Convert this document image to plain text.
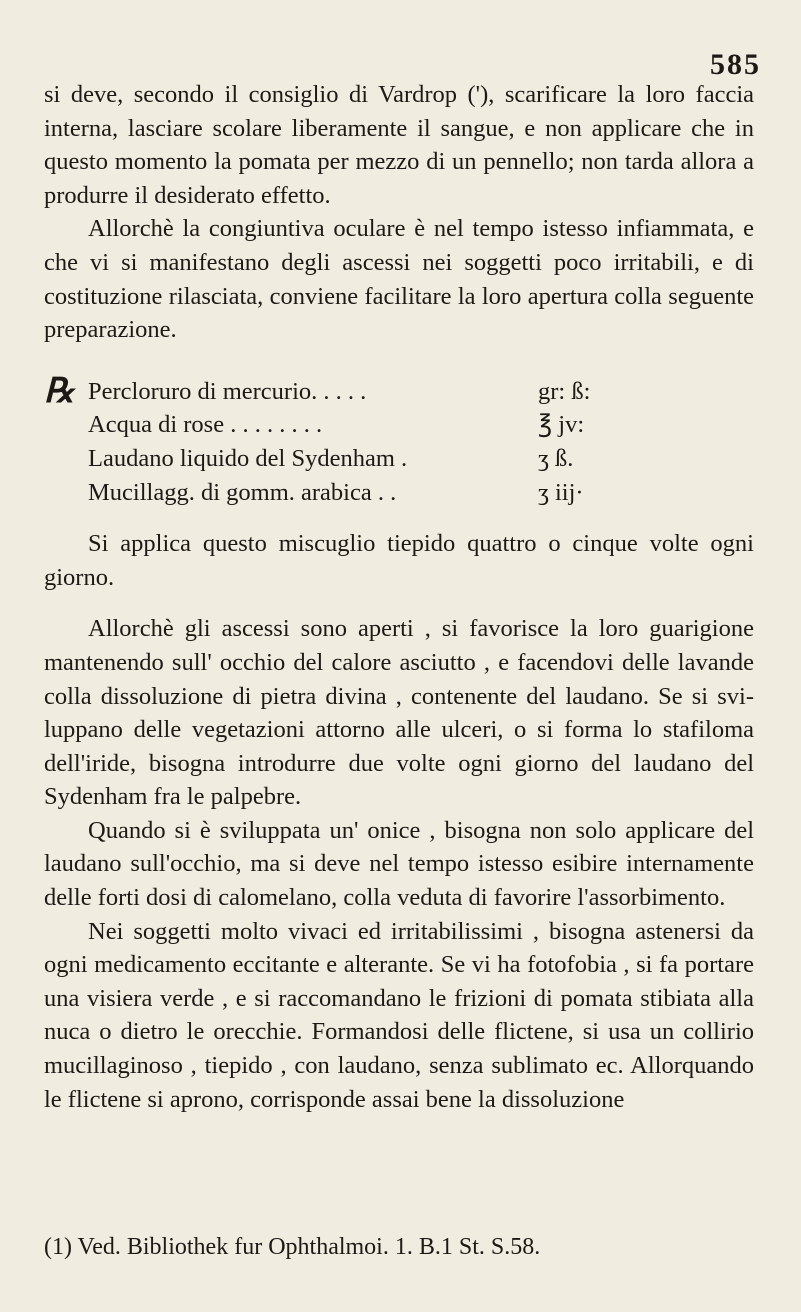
585

si deve, secondo il consiglio di Vardrop ('), scarificare la loro faccia interna, lasciare scolare liberamente il sangue, e non applicare che in questo momento la pomata per mezzo di un pennello; non tarda allora a produrre il desiderato effetto.

Allorchè la congiuntiva oculare è nel tempo istesso infiammata, e che vi si manifestano degli ascessi nei soggetti poco irritabili, e di costituzione rilasciata, conviene facilitare la loro apertura colla seguente preparazione.

℞ Percloruro di mercurio. . . . .	gr: ß:
Acqua di rose . . . . . . . .	℥ jv:
Laudano liquido del Sydenham .	ʒ ß.
Mucillagg. di gomm. arabica . .	ʒ iij·

Si applica questo miscuglio tiepido quattro o cinque volte ogni giorno.

Allorchè gli ascessi sono aperti , si favorisce la loro guarigione mantenendo sull' occhio del calore asciutto , e facendovi delle lavande colla dissoluzione di pietra divina , contenente del laudano. Se si sviluppano delle vegetazioni attorno alle ulceri, o si forma lo stafiloma dell'iride, bisogna introdurre due volte ogni giorno del laudano del Sydenham fra le palpebre.

Quando si è sviluppata un' onice , bisogna non solo applicare del laudano sull'occhio, ma si deve nel tempo istesso esibire internamente delle forti dosi di calomelano, colla veduta di favorire l'assorbimento.

Nei soggetti molto vivaci ed irritabilissimi , bisogna astenersi da ogni medicamento eccitante e alterante. Se vi ha fotofobia , si fa portare una visiera verde , e si raccomandano le frizioni di pomata stibiata alla nuca o dietro le orecchie. Formandosi delle flictene, si usa un collirio mucillaginoso , tiepido , con laudano, senza sublimato ec. Allorquando le flictene si aprono, corrisponde assai bene la dissoluzione

(1) Ved. Bibliothek fur Ophthalmoi. 1. B.1 St. S.58.
